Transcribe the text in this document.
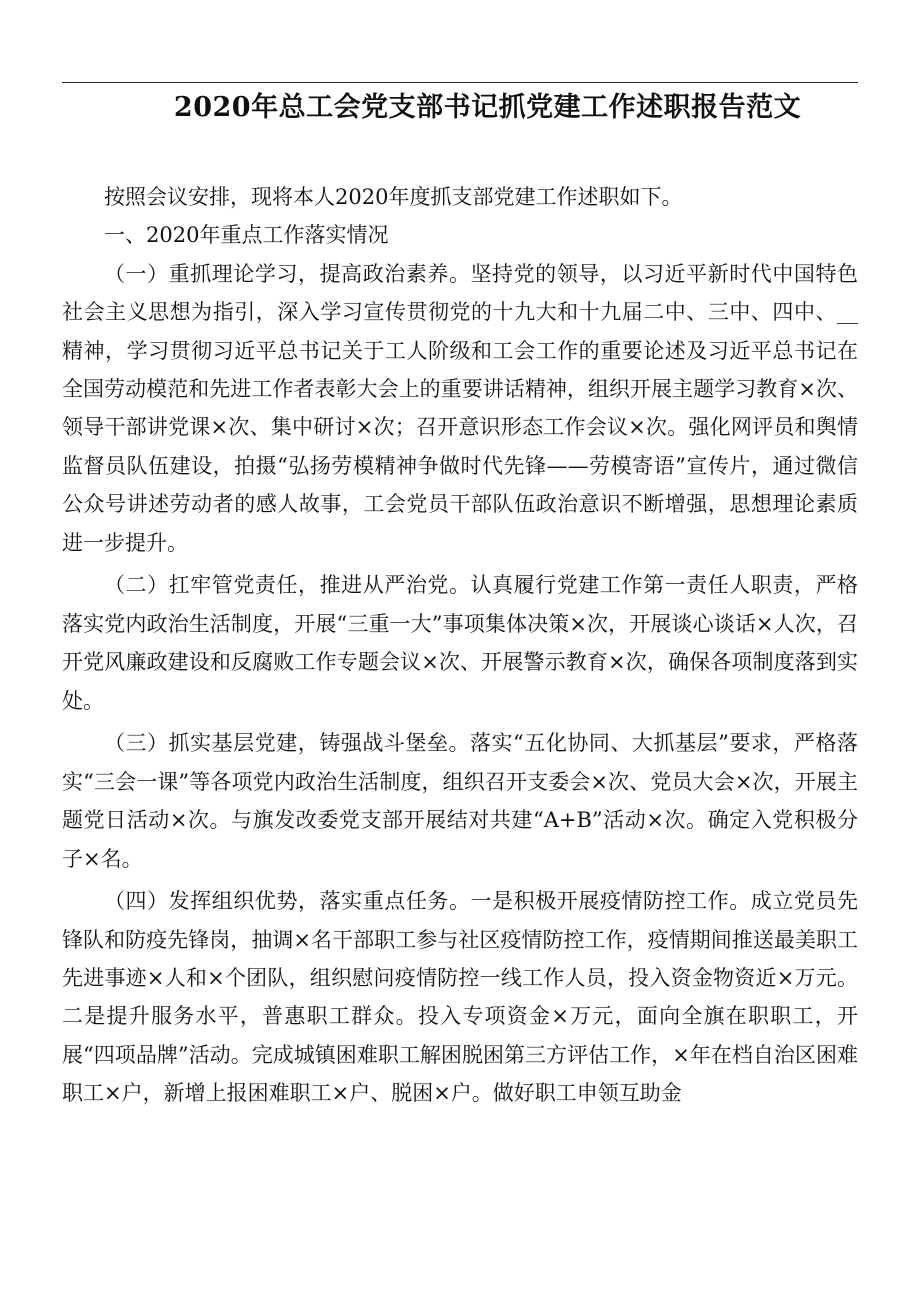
2020年总工会党支部书记抓党建工作述职报告范文

按照会议安排，现将本人2020年度抓支部党建工作述职如下。

一、2020年重点工作落实情况

（一）重抓理论学习，提高政治素养。坚持党的领导，以习近平新时代中国特色社会主义思想为指引，深入学习宣传贯彻党的十九大和十九届二中、三中、四中、__精神，学习贯彻习近平总书记关于工人阶级和工会工作的重要论述及习近平总书记在全国劳动模范和先进工作者表彰大会上的重要讲话精神，组织开展主题学习教育×次、领导干部讲党课×次、集中研讨×次；召开意识形态工作会议×次。强化网评员和舆情监督员队伍建设，拍摄“弘扬劳模精神争做时代先锋——劳模寄语”宣传片，通过微信公众号讲述劳动者的感人故事，工会党员干部队伍政治意识不断增强，思想理论素质进一步提升。

（二）扛牢管党责任，推进从严治党。认真履行党建工作第一责任人职责，严格落实党内政治生活制度，开展“三重一大”事项集体决策×次，开展谈心谈话×人次，召开党风廉政建设和反腐败工作专题会议×次、开展警示教育×次，确保各项制度落到实处。

（三）抓实基层党建，铸强战斗堡垒。落实“五化协同、大抓基层”要求，严格落实“三会一课”等各项党内政治生活制度，组织召开支委会×次、党员大会×次，开展主题党日活动×次。与旗发改委党支部开展结对共建“A+B”活动×次。确定入党积极分子×名。

（四）发挥组织优势，落实重点任务。一是积极开展疫情防控工作。成立党员先锋队和防疫先锋岗，抽调×名干部职工参与社区疫情防控工作，疫情期间推送最美职工先进事迹×人和×个团队，组织慰问疫情防控一线工作人员，投入资金物资近×万元。二是提升服务水平，普惠职工群众。投入专项资金×万元，面向全旗在职职工，开展“四项品牌”活动。完成城镇困难职工解困脱困第三方评估工作，×年在档自治区困难职工×户，新增上报困难职工×户、脱困×户。做好职工申领互助金
